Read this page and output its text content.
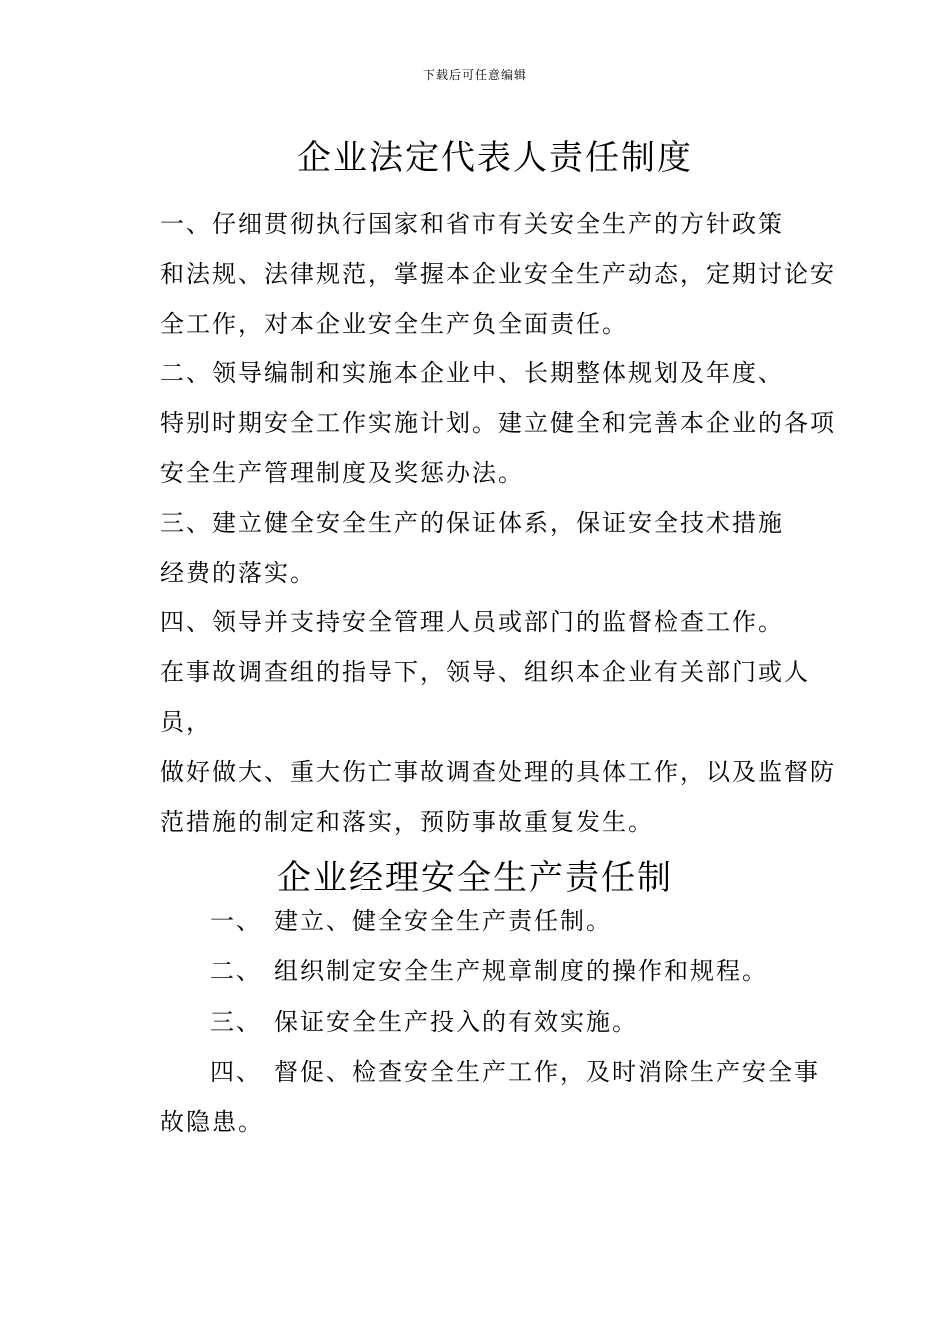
下载后可任意编辑
企业法定代表人责任制度

一、仔细贯彻执行国家和省市有关安全生产的方针政策
和法规、法律规范，掌握本企业安全生产动态，定期讨论安
全工作，对本企业安全生产负全面责任。

二、领导编制和实施本企业中、长期整体规划及年度、
特别时期安全工作实施计划。建立健全和完善本企业的各项
安全生产管理制度及奖惩办法。

三、建立健全安全生产的保证体系，保证安全技术措施
经费的落实。

四、领导并支持安全管理人员或部门的监督检查工作。
在事故调查组的指导下，领导、组织本企业有关部门或人员，
做好做大、重大伤亡事故调查处理的具体工作，以及监督防
范措施的制定和落实，预防事故重复发生。

企业经理安全生产责任制

一、 建立、健全安全生产责任制。

二、 组织制定安全生产规章制度的操作和规程。

三、 保证安全生产投入的有效实施。

四、 督促、检查安全生产工作，及时消除生产安全事

故隐患。
